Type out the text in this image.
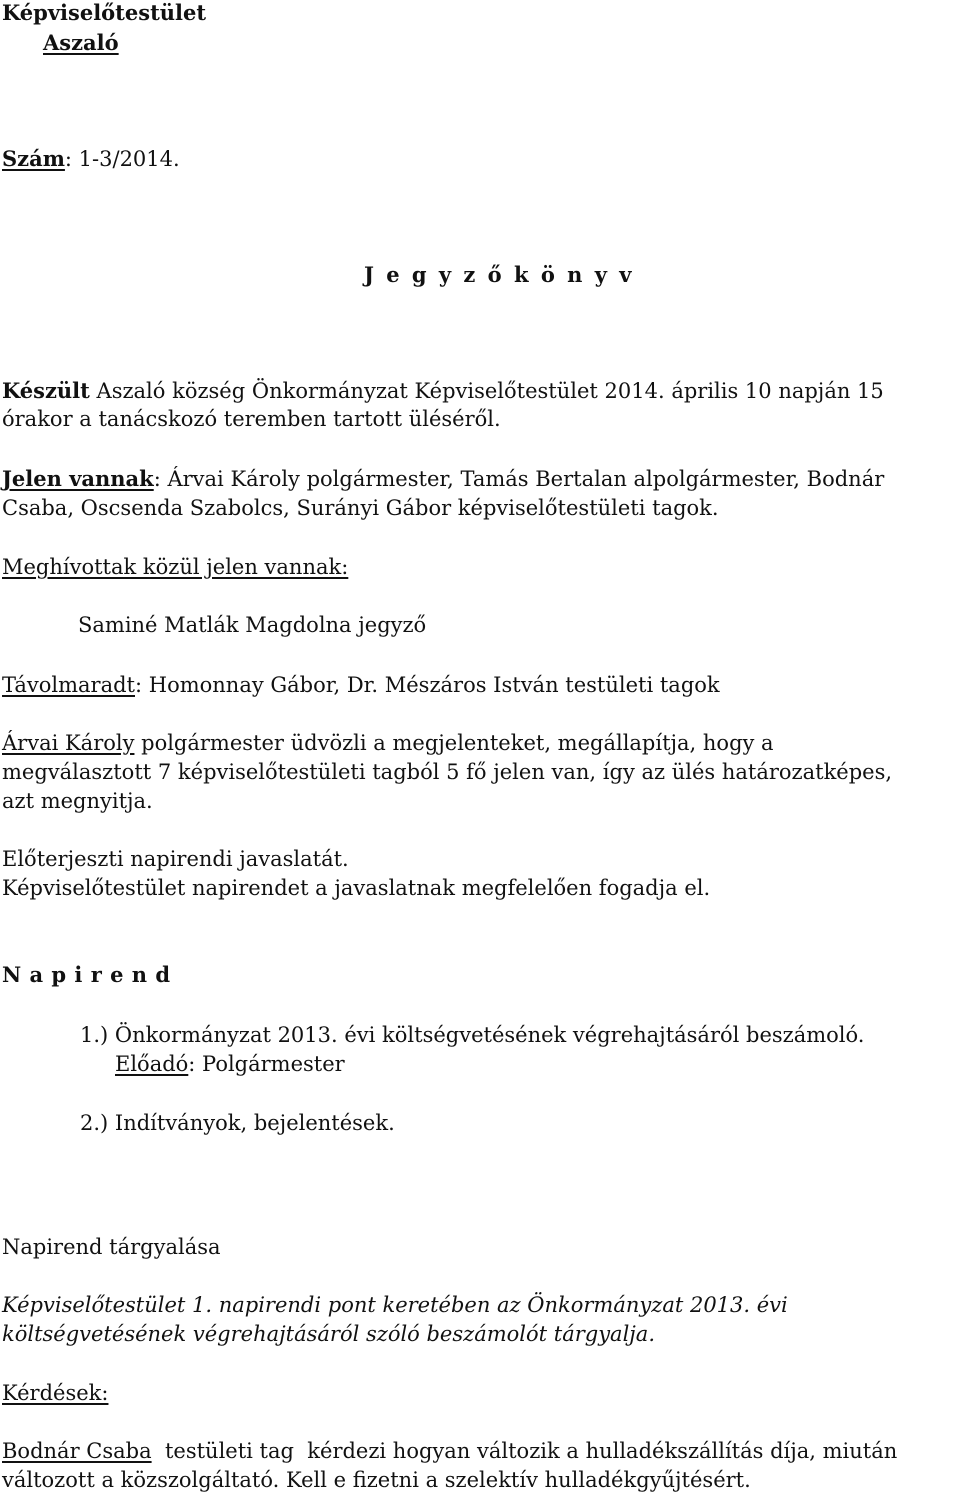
Képviselőtestület
Aszaló
Szám: 1-3/2014.
J e g y z ő k ö n y v
Készült Aszaló község Önkormányzat Képviselőtestület 2014. április 10 napján 15
órakor a tanácskozó teremben tartott üléséről.
Jelen vannak: Árvai Károly polgármester, Tamás Bertalan alpolgármester, Bodnár
Csaba, Oscsenda Szabolcs, Surányi Gábor képviselőtestületi tagok.
Meghívottak közül jelen vannak:
Saminé Matlák Magdolna jegyző
Távolmaradt: Homonnay Gábor, Dr. Mészáros István testületi tagok
Árvai Károly polgármester üdvözli a megjelenteket, megállapítja, hogy a
megválasztott 7 képviselőtestületi tagból 5 fő jelen van, így az ülés határozatképes,
azt megnyitja.
Előterjeszti napirendi javaslatát.
Képviselőtestület napirendet a javaslatnak megfelelően fogadja el.
N a p i r e n d
1.) Önkormányzat 2013. évi költségvetésének végrehajtásáról beszámoló.
Előadó: Polgármester
2.) Indítványok, bejelentések.
Napirend tárgyalása
Képviselőtestület 1. napirendi pont keretében az Önkormányzat 2013. évi
költségvetésének végrehajtásáról szóló beszámolót tárgyalja.
Kérdések:
Bodnár Csaba  testületi tag  kérdezi hogyan változik a hulladékszállítás díja, miután
változott a közszolgáltató. Kell e fizetni a szelektív hulladékgyűjtésért.
